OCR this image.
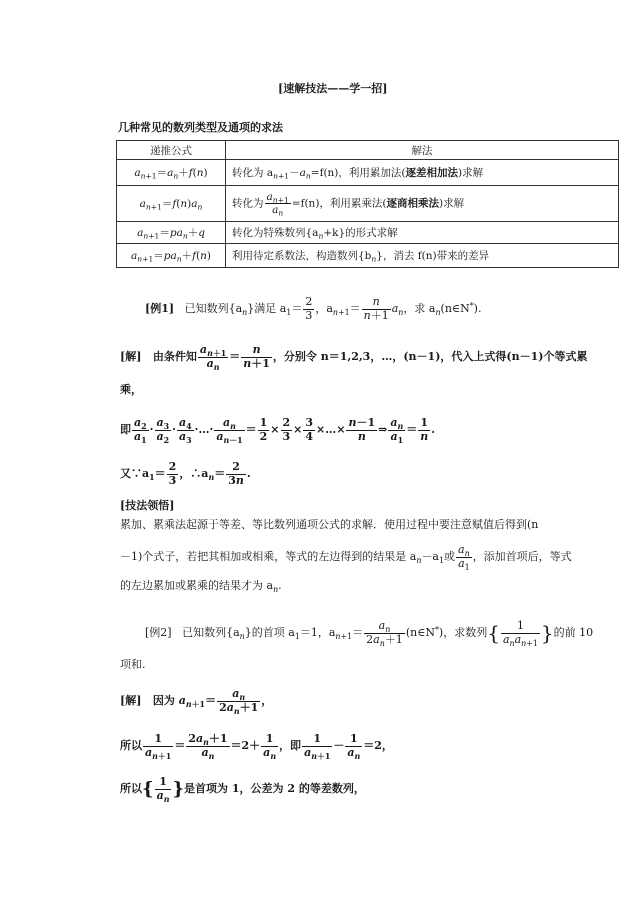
[速解技法——学一招]
几种常见的数列类型及通项的求法
递推公式	解法
$a_{n+1}=a_n+f(n)$	转化为 $a_{n+1}-a_n=f(n)$，利用累加法(逐差相加法)求解
$a_{n+1}=f(n)a_n$	转化为 $\frac{a_{n+1}}{a_n} =f(n)$，利用累乘法(逐商相乘法)求解
$a_{n+1}=pa_n+q$	转化为特殊数列$\{a_n+k\}$的形式求解
$a_{n+1}=pa_n+f(n)$	利用待定系数法，构造数列$\{b_n\}$，消去 f(n)带来的差异
[例1] 已知数列$\{a_n\}$满足 $a_1= \frac{2}{3}$ ，$a_{n+1}= \frac{n}{n+1} a_n$，求 $a_n(n\in N^*)$.
[解] 由条件知 $\frac{a_{n+1}}{a_n} = \frac{n}{n+1}$ ，分别令 n＝1,2,3，…，(n－1)，代入上式得(n－1)个等式累
乘，
即 $\frac{a_2}{a_1} \cdot \frac{a_3}{a_2} \cdot \frac{a_4}{a_3}$ ·…· $\frac{a_n}{a_{n-1}} = \frac{1}{2} \times \frac{2}{3} \times \frac{3}{4}$ ×…× $\frac{n-1}{n}$ ⇒ $\frac{a_n}{a_1} = \frac{1}{n}$ .
又$\because a_1= \frac{2}{3}$ ，$\therefore a_n= \frac{2}{3n}$ .
[技法领悟]
累加、累乘法起源于等差、等比数列通项公式的求解．使用过程中要注意赋值后得到(n
－1)个式子，若把其相加或相乘，等式的左边得到的结果是 $a_n-a_1$或 $\frac{a_n}{a_1}$ ，添加首项后，等式
的左边累加或累乘的结果才为 $a_n$.
[例2] 已知数列$\{a_n\}$的首项 $a_1=1$，$a_{n+1}= \frac{a_n}{2a_n+1}$ (n∈N*)，求数列{ $\frac{1}{a_na_{n+1}}$ }的前 10
项和.
[解] 因为 $a_{n+1}= \frac{a_n}{2a_n+1}$ ，
所以 $\frac{1}{a_{n+1}} = \frac{2a_n+1}{a_n} =2+ \frac{1}{a_n}$ ，即 $\frac{1}{a_{n+1}} - \frac{1}{a_n} =2$，
所以{ $\frac{1}{a_n}$ }是首项为 1，公差为 2 的等差数列，
